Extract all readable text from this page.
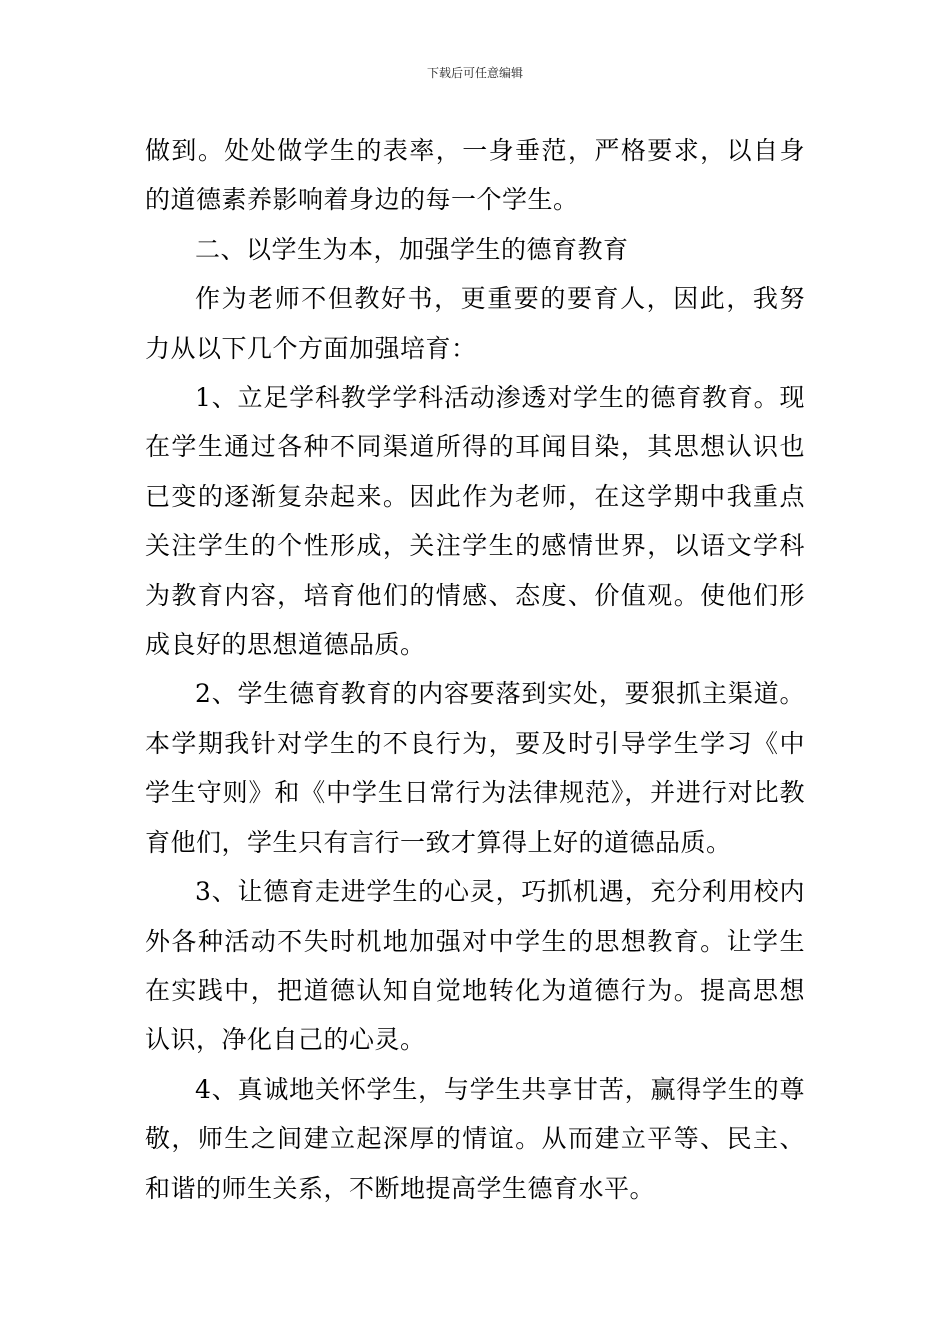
下载后可任意编辑

做到。处处做学生的表率，一身垂范，严格要求，以自身的道德素养影响着身边的每一个学生。

二、以学生为本，加强学生的德育教育

作为老师不但教好书，更重要的要育人，因此，我努力从以下几个方面加强培育：

1、立足学科教学学科活动渗透对学生的德育教育。现在学生通过各种不同渠道所得的耳闻目染，其思想认识也已变的逐渐复杂起来。因此作为老师，在这学期中我重点关注学生的个性形成，关注学生的感情世界，以语文学科为教育内容，培育他们的情感、态度、价值观。使他们形成良好的思想道德品质。

2、学生德育教育的内容要落到实处，要狠抓主渠道。本学期我针对学生的不良行为，要及时引导学生学习《中学生守则》和《中学生日常行为法律规范》，并进行对比教育他们，学生只有言行一致才算得上好的道德品质。

3、让德育走进学生的心灵，巧抓机遇，充分利用校内外各种活动不失时机地加强对中学生的思想教育。让学生在实践中，把道德认知自觉地转化为道德行为。提高思想认识，净化自己的心灵。

4、真诚地关怀学生，与学生共享甘苦，赢得学生的尊敬，师生之间建立起深厚的情谊。从而建立平等、民主、和谐的师生关系，不断地提高学生德育水平。
